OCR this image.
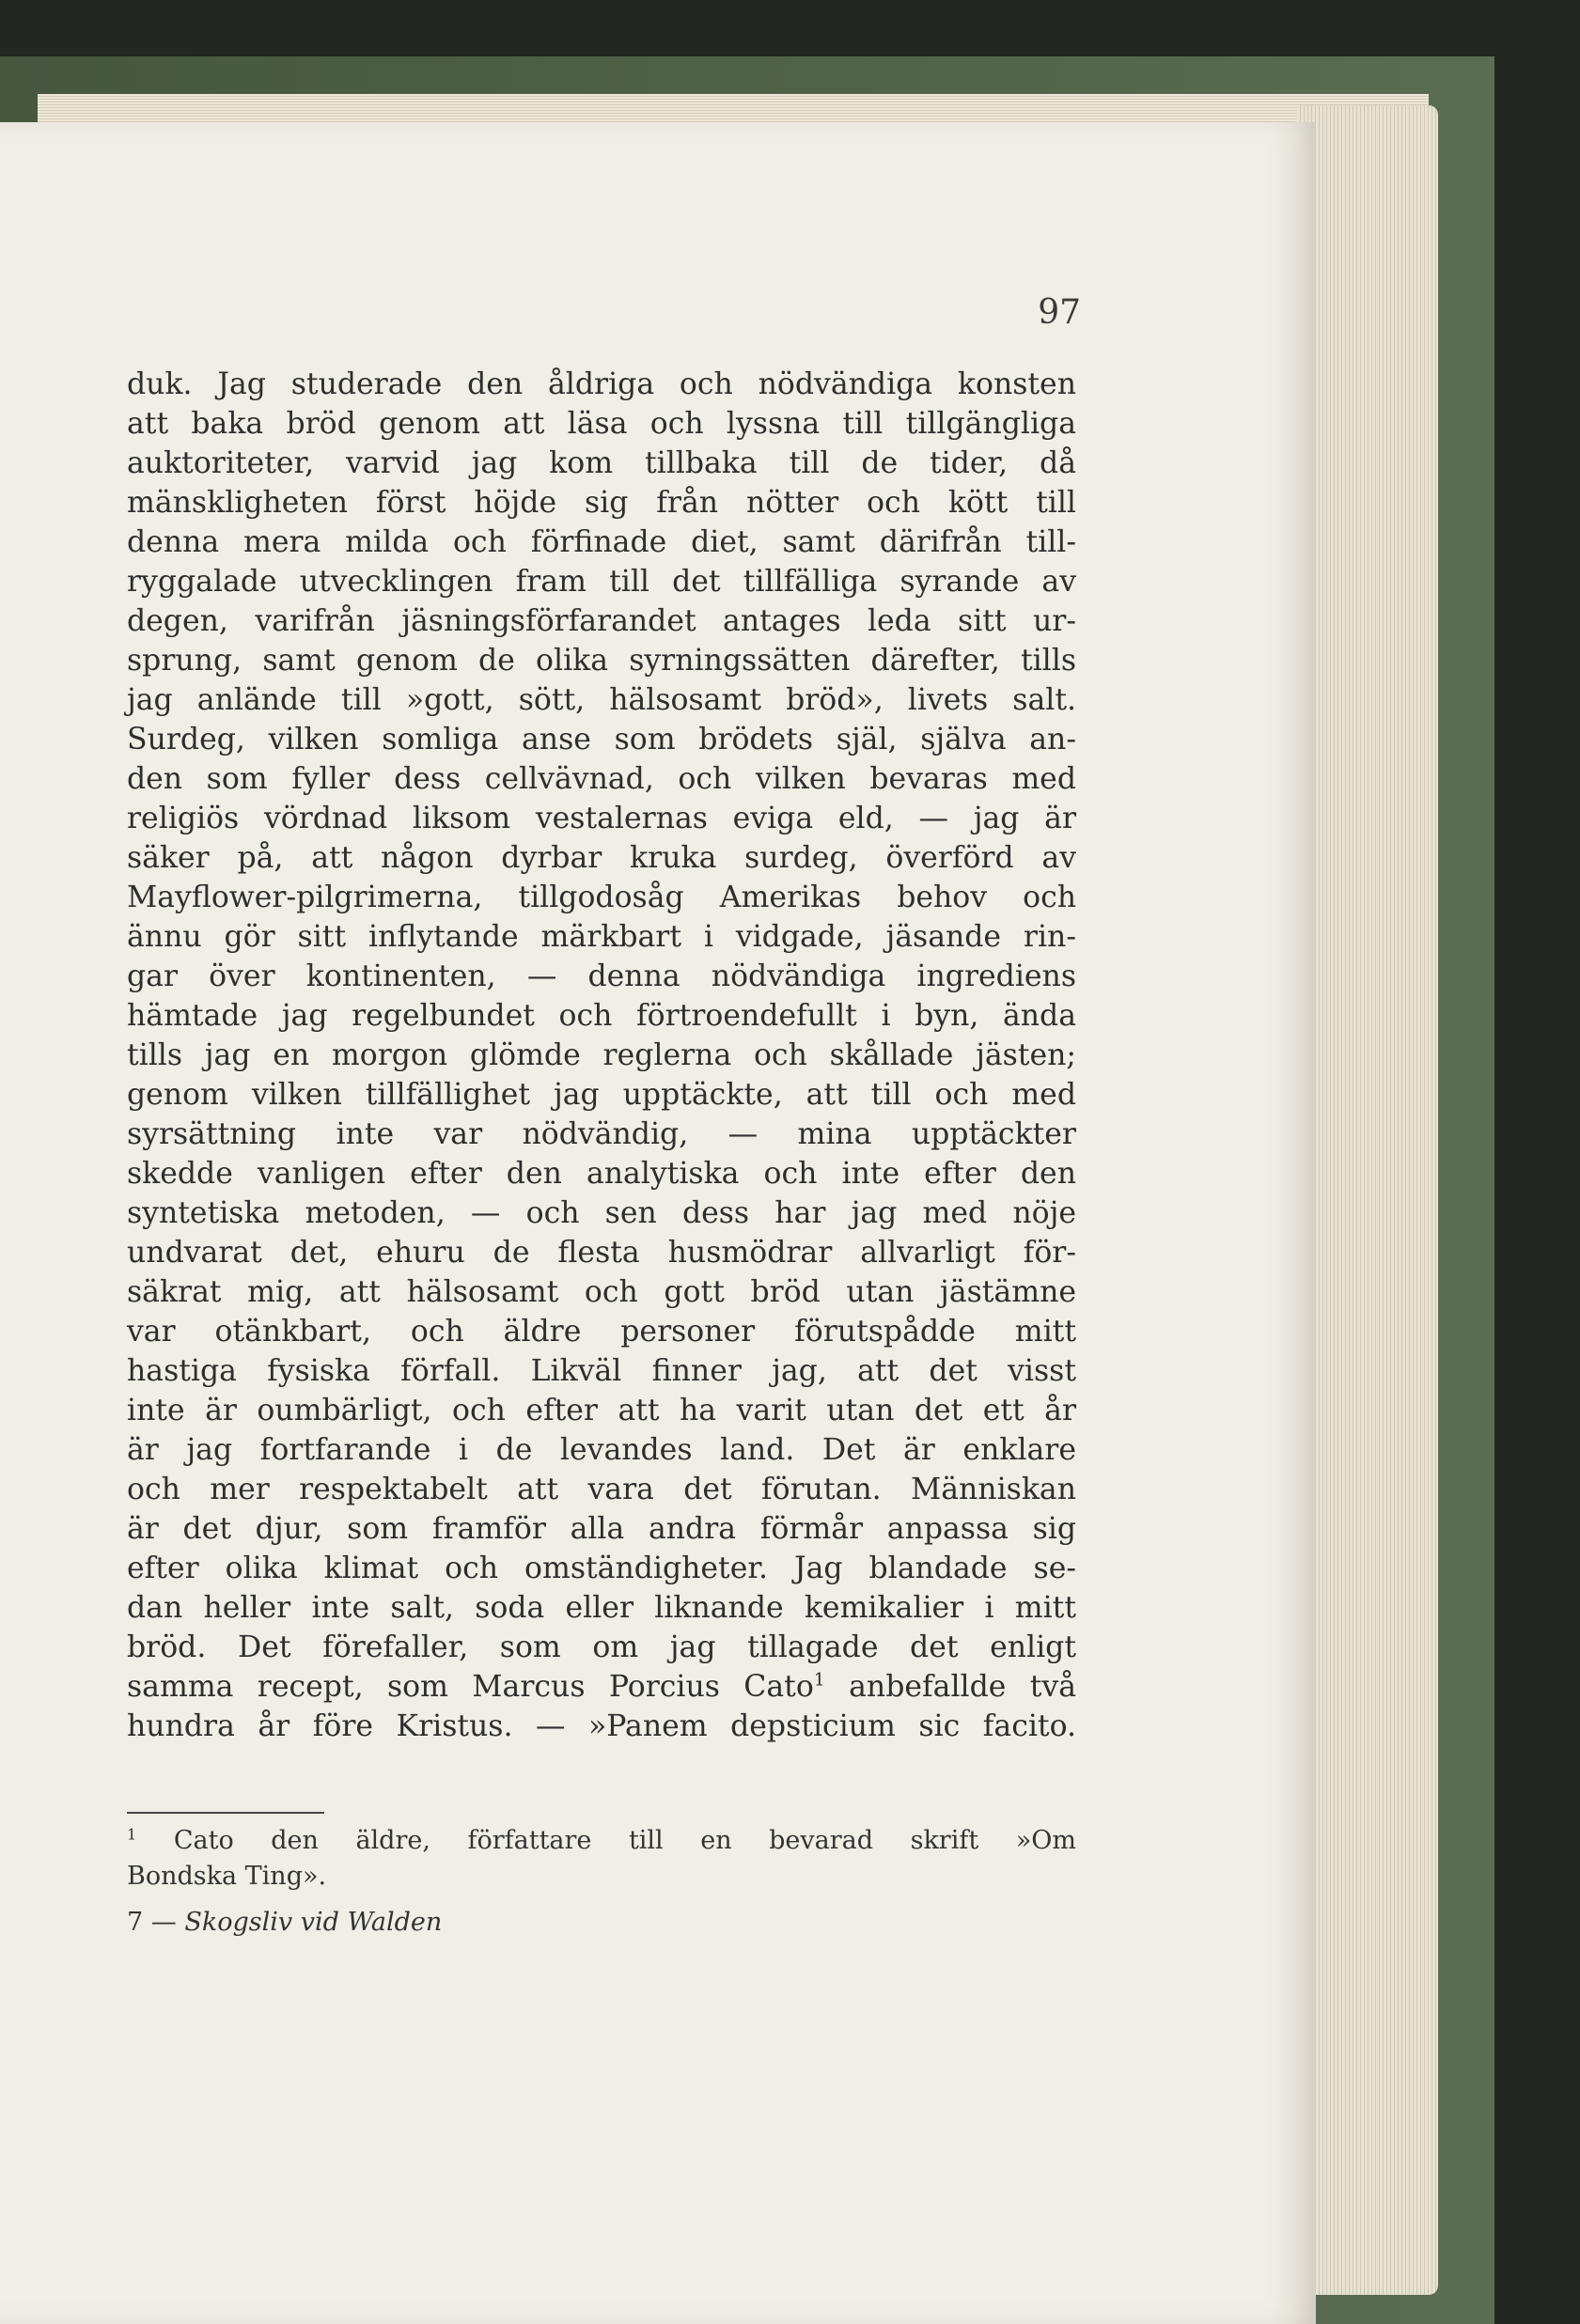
97
duk. Jag studerade den åldriga och nödvändiga konsten
att baka bröd genom att läsa och lyssna till tillgängliga
auktoriteter, varvid jag kom tillbaka till de tider, då
mänskligheten först höjde sig från nötter och kött till
denna mera milda och förfinade diet, samt därifrån till-
ryggalade utvecklingen fram till det tillfälliga syrande av
degen, varifrån jäsningsförfarandet antages leda sitt ur-
sprung, samt genom de olika syrningssätten därefter, tills
jag anlände till »gott, sött, hälsosamt bröd», livets salt.
Surdeg, vilken somliga anse som brödets själ, själva an-
den som fyller dess cellvävnad, och vilken bevaras med
religiös vördnad liksom vestalernas eviga eld, — jag är
säker på, att någon dyrbar kruka surdeg, överförd av
Mayflower-pilgrimerna, tillgodosåg Amerikas behov och
ännu gör sitt inflytande märkbart i vidgade, jäsande rin-
gar över kontinenten, — denna nödvändiga ingrediens
hämtade jag regelbundet och förtroendefullt i byn, ända
tills jag en morgon glömde reglerna och skållade jästen;
genom vilken tillfällighet jag upptäckte, att till och med
syrsättning inte var nödvändig, — mina upptäckter
skedde vanligen efter den analytiska och inte efter den
syntetiska metoden, — och sen dess har jag med nöje
undvarat det, ehuru de flesta husmödrar allvarligt för-
säkrat mig, att hälsosamt och gott bröd utan jästämne
var otänkbart, och äldre personer förutspådde mitt
hastiga fysiska förfall. Likväl finner jag, att det visst
inte är oumbärligt, och efter att ha varit utan det ett år
är jag fortfarande i de levandes land. Det är enklare
och mer respektabelt att vara det förutan. Människan
är det djur, som framför alla andra förmår anpassa sig
efter olika klimat och omständigheter. Jag blandade se-
dan heller inte salt, soda eller liknande kemikalier i mitt
bröd. Det förefaller, som om jag tillagade det enligt
samma recept, som Marcus Porcius Cato$^1$ anbefallde två
hundra år före Kristus. — »Panem depsticium sic facito.
$^1$ Cato den äldre, författare till en bevarad skrift »Om
Bondska Ting».
7 — Skogsliv vid Walden
